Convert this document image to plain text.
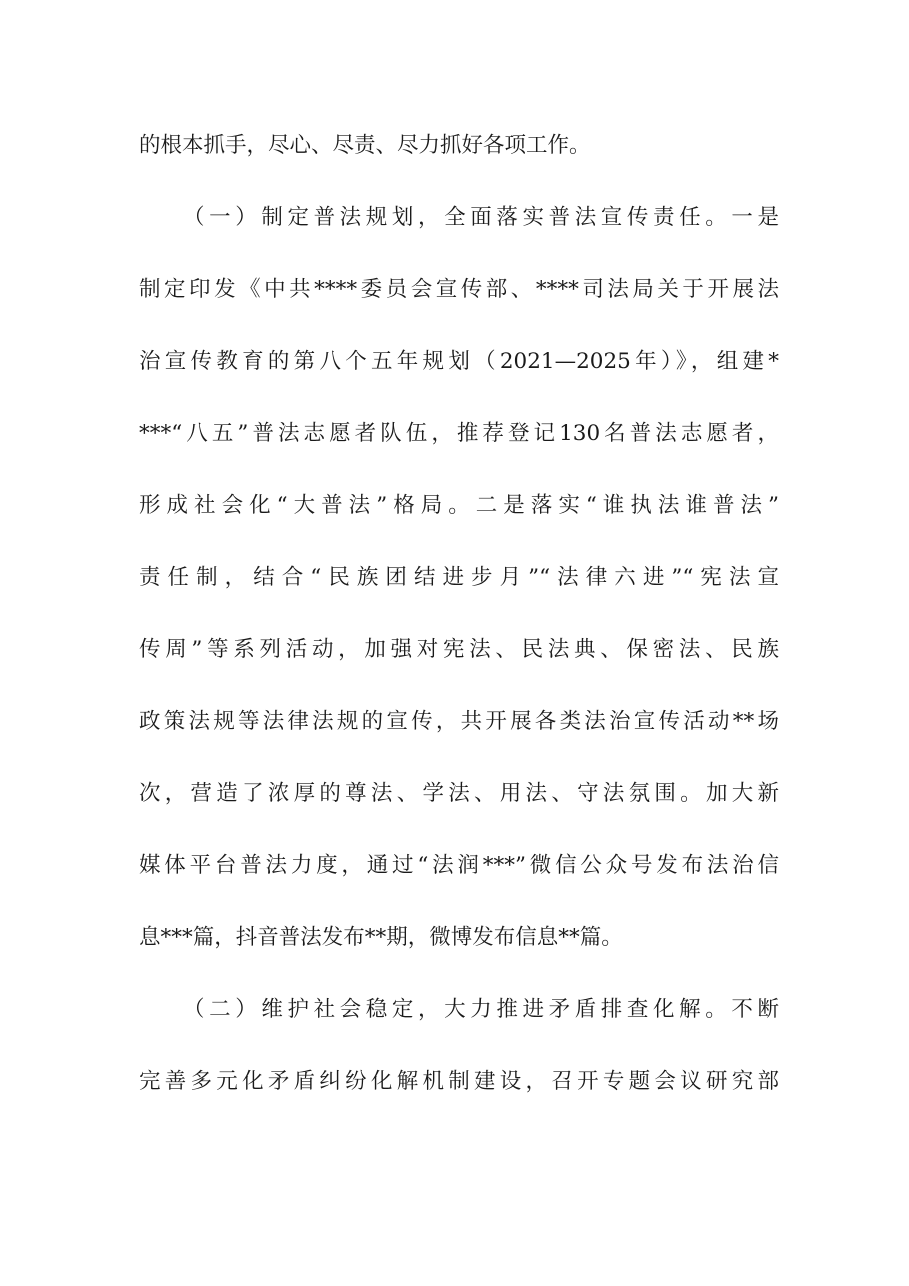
的根本抓手，尽心、尽责、尽力抓好各项工作。
（一）制定普法规划，全面落实普法宣传责任。一是
制定印发《中共****委员会宣传部、****司法局关于开展法
治宣传教育的第八个五年规划（2021—2025年）》，组建*
***“八五”普法志愿者队伍，推荐登记130名普法志愿者，
形成社会化“大普法”格局。二是落实“谁执法谁普法”
责任制，结合“民族团结进步月”“法律六进”“宪法宣
传周”等系列活动，加强对宪法、民法典、保密法、民族
政策法规等法律法规的宣传，共开展各类法治宣传活动**场
次，营造了浓厚的尊法、学法、用法、守法氛围。加大新
媒体平台普法力度，通过“法润***”微信公众号发布法治信
息***篇，抖音普法发布**期，微博发布信息**篇。
（二）维护社会稳定，大力推进矛盾排查化解。不断
完善多元化矛盾纠纷化解机制建设，召开专题会议研究部
